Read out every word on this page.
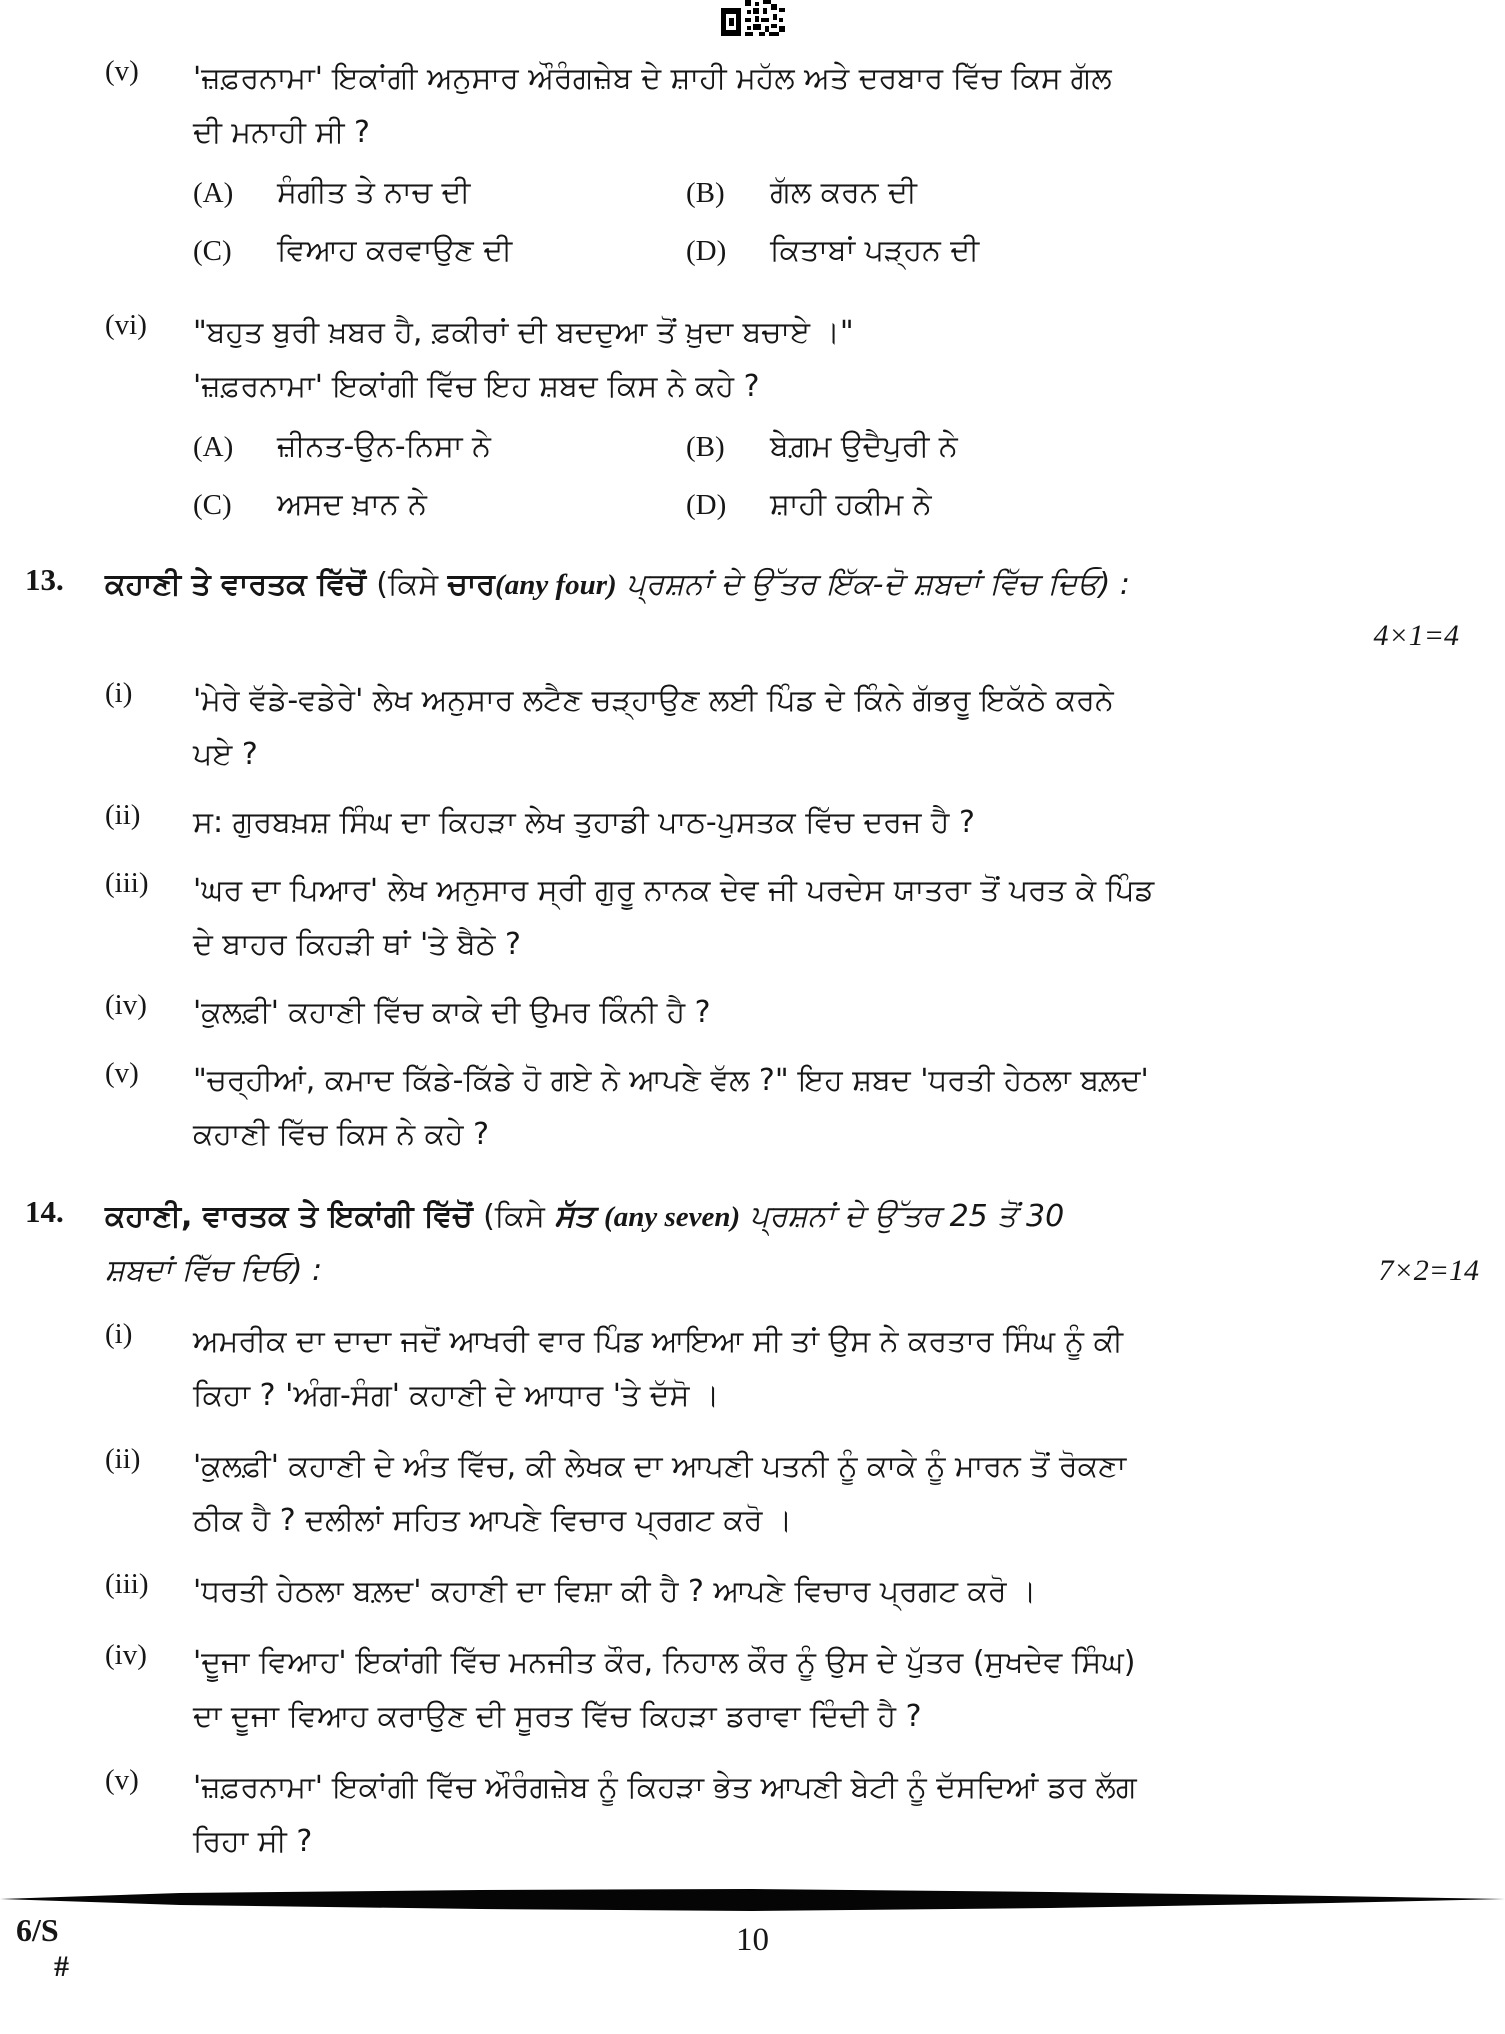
(v)	'ਜ਼ਫ਼ਰਨਾਮਾ' ਇਕਾਂਗੀ ਅਨੁਸਾਰ ਔਰੰਗਜ਼ੇਬ ਦੇ ਸ਼ਾਹੀ ਮਹੱਲ ਅਤੇ ਦਰਬਾਰ ਵਿੱਚ ਕਿਸ ਗੱਲ
ਦੀ ਮਨਾਹੀ ਸੀ ?
(A) ਸੰਗੀਤ ਤੇ ਨਾਚ ਦੀ	(B) ਗੱਲ ਕਰਨ ਦੀ
(C) ਵਿਆਹ ਕਰਵਾਉਣ ਦੀ	(D) ਕਿਤਾਬਾਂ ਪੜ੍ਹਨ ਦੀ
(vi)	"ਬਹੁਤ ਬੁਰੀ ਖ਼ਬਰ ਹੈ, ਫ਼ਕੀਰਾਂ ਦੀ ਬਦਦੁਆ ਤੋਂ ਖ਼ੁਦਾ ਬਚਾਏ ।"
'ਜ਼ਫ਼ਰਨਾਮਾ' ਇਕਾਂਗੀ ਵਿੱਚ ਇਹ ਸ਼ਬਦ ਕਿਸ ਨੇ ਕਹੇ ?
(A) ਜ਼ੀਨਤ-ਉਨ-ਨਿਸਾ ਨੇ	(B) ਬੇਗ਼ਮ ਉਦੈਪੁਰੀ ਨੇ
(C) ਅਸਦ ਖ਼ਾਨ ਨੇ	(D) ਸ਼ਾਹੀ ਹਕੀਮ ਨੇ
13.	ਕਹਾਣੀ ਤੇ ਵਾਰਤਕ ਵਿੱਚੋਂ (ਕਿਸੇ ਚਾਰ(any four) ਪ੍ਰਸ਼ਨਾਂ ਦੇ ਉੱਤਰ ਇੱਕ-ਦੋ ਸ਼ਬਦਾਂ ਵਿੱਚ ਦਿਓ) :
4×1=4
(i)	'ਮੇਰੇ ਵੱਡੇ-ਵਡੇਰੇ' ਲੇਖ ਅਨੁਸਾਰ ਲਟੈਣ ਚੜ੍ਹਾਉਣ ਲਈ ਪਿੰਡ ਦੇ ਕਿੰਨੇ ਗੱਭਰੂ ਇਕੱਠੇ ਕਰਨੇ
ਪਏ ?
(ii)	ਸ: ਗੁਰਬਖ਼ਸ਼ ਸਿੰਘ ਦਾ ਕਿਹੜਾ ਲੇਖ ਤੁਹਾਡੀ ਪਾਠ-ਪੁਸਤਕ ਵਿੱਚ ਦਰਜ ਹੈ ?
(iii)	'ਘਰ ਦਾ ਪਿਆਰ' ਲੇਖ ਅਨੁਸਾਰ ਸ੍ਰੀ ਗੁਰੂ ਨਾਨਕ ਦੇਵ ਜੀ ਪਰਦੇਸ ਯਾਤਰਾ ਤੋਂ ਪਰਤ ਕੇ ਪਿੰਡ
ਦੇ ਬਾਹਰ ਕਿਹੜੀ ਥਾਂ 'ਤੇ ਬੈਠੇ ?
(iv)	'ਕੁਲਫ਼ੀ' ਕਹਾਣੀ ਵਿੱਚ ਕਾਕੇ ਦੀ ਉਮਰ ਕਿੰਨੀ ਹੈ ?
(v)	"ਚਰ੍ਹੀਆਂ, ਕਮਾਦ ਕਿੱਡੇ-ਕਿੱਡੇ ਹੋ ਗਏ ਨੇ ਆਪਣੇ ਵੱਲ ?" ਇਹ ਸ਼ਬਦ 'ਧਰਤੀ ਹੇਠਲਾ ਬਲ਼ਦ'
ਕਹਾਣੀ ਵਿੱਚ ਕਿਸ ਨੇ ਕਹੇ ?
14.	ਕਹਾਣੀ, ਵਾਰਤਕ ਤੇ ਇਕਾਂਗੀ ਵਿੱਚੋਂ (ਕਿਸੇ ਸੱਤ (any seven) ਪ੍ਰਸ਼ਨਾਂ ਦੇ ਉੱਤਰ 25 ਤੋਂ 30
ਸ਼ਬਦਾਂ ਵਿੱਚ ਦਿਓ) :	7×2=14
(i)	ਅਮਰੀਕ ਦਾ ਦਾਦਾ ਜਦੋਂ ਆਖਰੀ ਵਾਰ ਪਿੰਡ ਆਇਆ ਸੀ ਤਾਂ ਉਸ ਨੇ ਕਰਤਾਰ ਸਿੰਘ ਨੂੰ ਕੀ
ਕਿਹਾ ? 'ਅੰਗ-ਸੰਗ' ਕਹਾਣੀ ਦੇ ਆਧਾਰ 'ਤੇ ਦੱਸੋ ।
(ii)	'ਕੁਲਫ਼ੀ' ਕਹਾਣੀ ਦੇ ਅੰਤ ਵਿੱਚ, ਕੀ ਲੇਖਕ ਦਾ ਆਪਣੀ ਪਤਨੀ ਨੂੰ ਕਾਕੇ ਨੂੰ ਮਾਰਨ ਤੋਂ ਰੋਕਣਾ
ਠੀਕ ਹੈ ? ਦਲੀਲਾਂ ਸਹਿਤ ਆਪਣੇ ਵਿਚਾਰ ਪ੍ਰਗਟ ਕਰੋ ।
(iii)	'ਧਰਤੀ ਹੇਠਲਾ ਬਲ਼ਦ' ਕਹਾਣੀ ਦਾ ਵਿਸ਼ਾ ਕੀ ਹੈ ? ਆਪਣੇ ਵਿਚਾਰ ਪ੍ਰਗਟ ਕਰੋ ।
(iv)	'ਦੂਜਾ ਵਿਆਹ' ਇਕਾਂਗੀ ਵਿੱਚ ਮਨਜੀਤ ਕੌਰ, ਨਿਹਾਲ ਕੌਰ ਨੂੰ ਉਸ ਦੇ ਪੁੱਤਰ (ਸੁਖਦੇਵ ਸਿੰਘ)
ਦਾ ਦੂਜਾ ਵਿਆਹ ਕਰਾਉਣ ਦੀ ਸੂਰਤ ਵਿੱਚ ਕਿਹੜਾ ਡਰਾਵਾ ਦਿੰਦੀ ਹੈ ?
(v)	'ਜ਼ਫ਼ਰਨਾਮਾ' ਇਕਾਂਗੀ ਵਿੱਚ ਔਰੰਗਜ਼ੇਬ ਨੂੰ ਕਿਹੜਾ ਭੇਤ ਆਪਣੀ ਬੇਟੀ ਨੂੰ ਦੱਸਦਿਆਂ ਡਰ ਲੱਗ
ਰਿਹਾ ਸੀ ?
6/S
#
10
